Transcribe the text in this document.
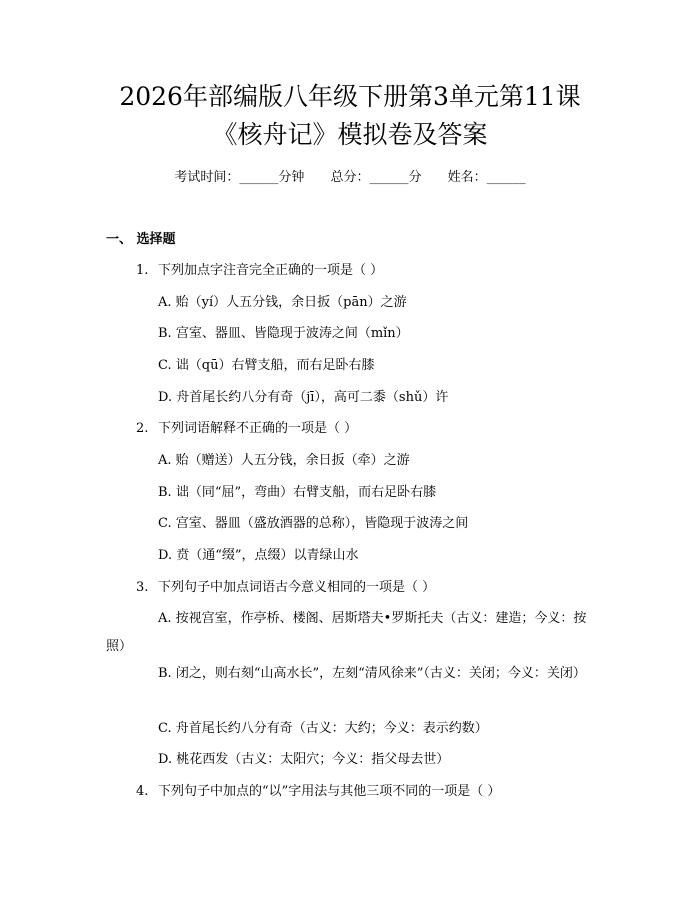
2026年部编版八年级下册第3单元第11课
《核舟记》模拟卷及答案
考试时间：______分钟 总分：______分 姓名：______
一、 选择题
1. 下列加点字注音完全正确的一项是（ ）
A. 贻（yí）人五分钱，余日扳（pān）之游
B. 宫室、器皿、皆隐现于波涛之间（mǐn）
C. 诎（qū）右臂支船，而右足卧右膝
D. 舟首尾长约八分有奇（jī），高可二黍（shǔ）许
2. 下列词语解释不正确的一项是（ ）
A. 贻（赠送）人五分钱，余日扳（牵）之游
B. 诎（同“屈”，弯曲）右臂支船，而右足卧右膝
C. 宫室、器皿（盛放酒器的总称），皆隐现于波涛之间
D. 贲（通“缀”，点缀）以青绿山水
3. 下列句子中加点词语古今意义相同的一项是（ ）
A. 按视宫室，作亭桥、楼阁、居斯塔夫•罗斯托夫（古义：建造；今义：按照）
B. 闭之，则右刻“山高水长”，左刻“清风徐来”（古义：关闭；今义：关闭）
C. 舟首尾长约八分有奇（古义：大约；今义：表示约数）
D. 桃花西发（古义：太阳穴；今义：指父母去世）
4. 下列句子中加点的“以”字用法与其他三项不同的一项是（ ）
